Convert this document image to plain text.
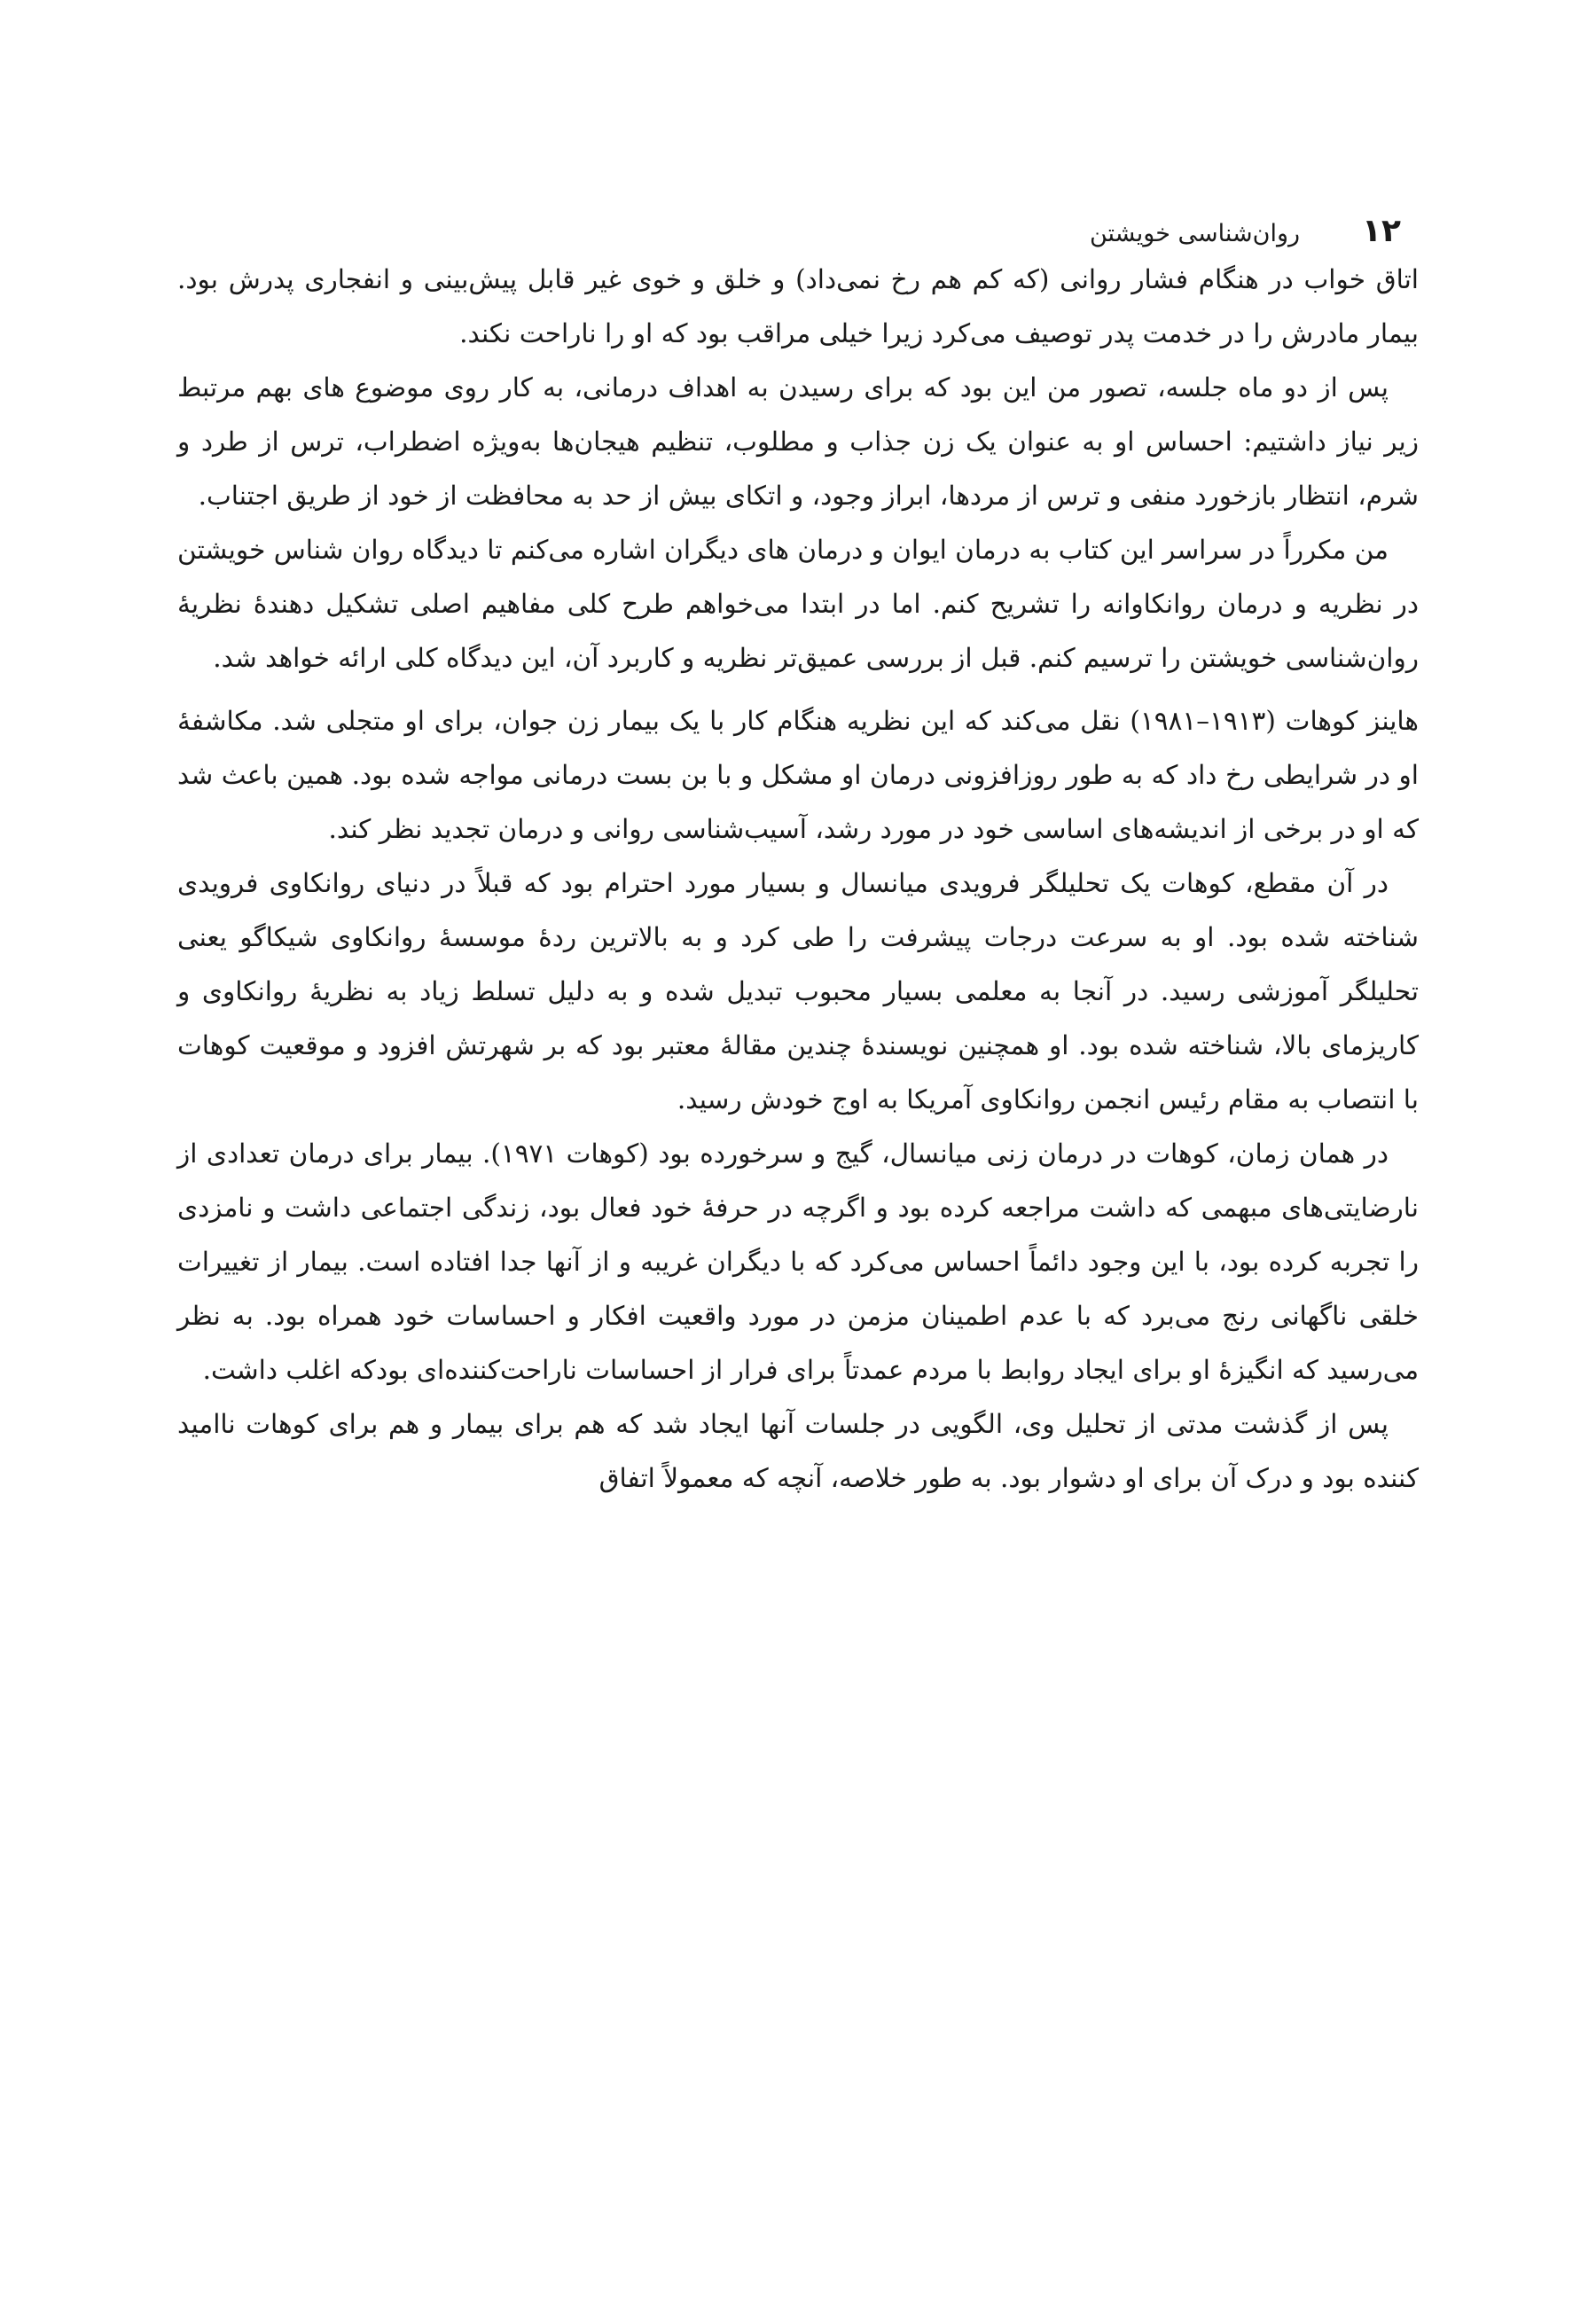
۱۲
روان‌شناسی خویشتن

اتاق خواب در هنگام فشار روانی (که کم هم رخ نمی‌داد) و خلق و خوی غیر قابل پیش‌بینی و انفجاری پدرش بود. بیمار مادرش را در خدمت پدر توصیف می‌کرد زیرا خیلی مراقب بود که او را ناراحت نکند.

پس از دو ماه جلسه، تصور من این بود که برای رسیدن به اهداف درمانی، به کار روی موضوع های بهم مرتبط زیر نیاز داشتیم: احساس او به عنوان یک زن جذاب و مطلوب، تنظیم هیجان‌ها به‌ویژه اضطراب، ترس از طرد و شرم، انتظار بازخورد منفی و ترس از مردها، ابراز وجود، و اتکای بیش از حد به محافظت از خود از طریق اجتناب.

من مکرراً در سراسر این کتاب به درمان ایوان و درمان های دیگران اشاره می‌کنم تا دیدگاه روان شناس خویشتن در نظریه و درمان روانکاوانه را تشریح کنم. اما در ابتدا می‌خواهم طرح کلی مفاهیم اصلی تشکیل دهندهٔ نظریهٔ روان‌شناسی خویشتن را ترسیم کنم. قبل از بررسی عمیق‌تر نظریه و کاربرد آن، این دیدگاه کلی ارائه خواهد شد.

هاینز کوهات (۱۹۱۳–۱۹۸۱) نقل می‌کند که این نظریه هنگام کار با یک بیمار زن جوان، برای او متجلی شد. مکاشفهٔ او در شرایطی رخ داد که به طور روزافزونی درمان او مشکل و با بن بست درمانی مواجه شده بود. همین باعث شد که او در برخی از اندیشه‌های اساسی خود در مورد رشد، آسیب‌شناسی روانی و درمان تجدید نظر کند.

در آن مقطع، کوهات یک تحلیلگر فرویدی میانسال و بسیار مورد احترام بود که قبلاً در دنیای روانکاوی فرویدی شناخته شده بود. او به سرعت درجات پیشرفت را طی کرد و به بالاترین ردهٔ موسسهٔ روانکاوی شیکاگو یعنی تحلیلگر آموزشی رسید. در آنجا به معلمی بسیار محبوب تبدیل شده و به دلیل تسلط زیاد به نظریهٔ روانکاوی و کاریزمای بالا، شناخته شده بود. او همچنین نویسندهٔ چندین مقالهٔ معتبر بود که بر شهرتش افزود و موقعیت کوهات با انتصاب به مقام رئیس انجمن روانکاوی آمریکا به اوج خودش رسید.

در همان زمان، کوهات در درمان زنی میانسال، گیج و سرخورده بود (کوهات ۱۹۷۱). بیمار برای درمان تعدادی از نارضایتی‌های مبهمی که داشت مراجعه کرده بود و اگرچه در حرفهٔ خود فعال بود، زندگی اجتماعی داشت و نامزدی را تجربه کرده بود، با این وجود دائماً احساس می‌کرد که با دیگران غریبه و از آنها جدا افتاده است. بیمار از تغییرات خلقی ناگهانی رنج می‌برد که با عدم اطمینان مزمن در مورد واقعیت افکار و احساسات خود همراه بود. به نظر می‌رسید که انگیزهٔ او برای ایجاد روابط با مردم عمدتاً برای فرار از احساسات ناراحت‌کننده‌ای بودکه اغلب داشت.

پس از گذشت مدتی از تحلیل وی، الگویی در جلسات آنها ایجاد شد که هم برای بیمار و هم برای کوهات ناامید کننده بود و درک آن برای او دشوار بود. به طور خلاصه، آنچه که معمولاً اتفاق
